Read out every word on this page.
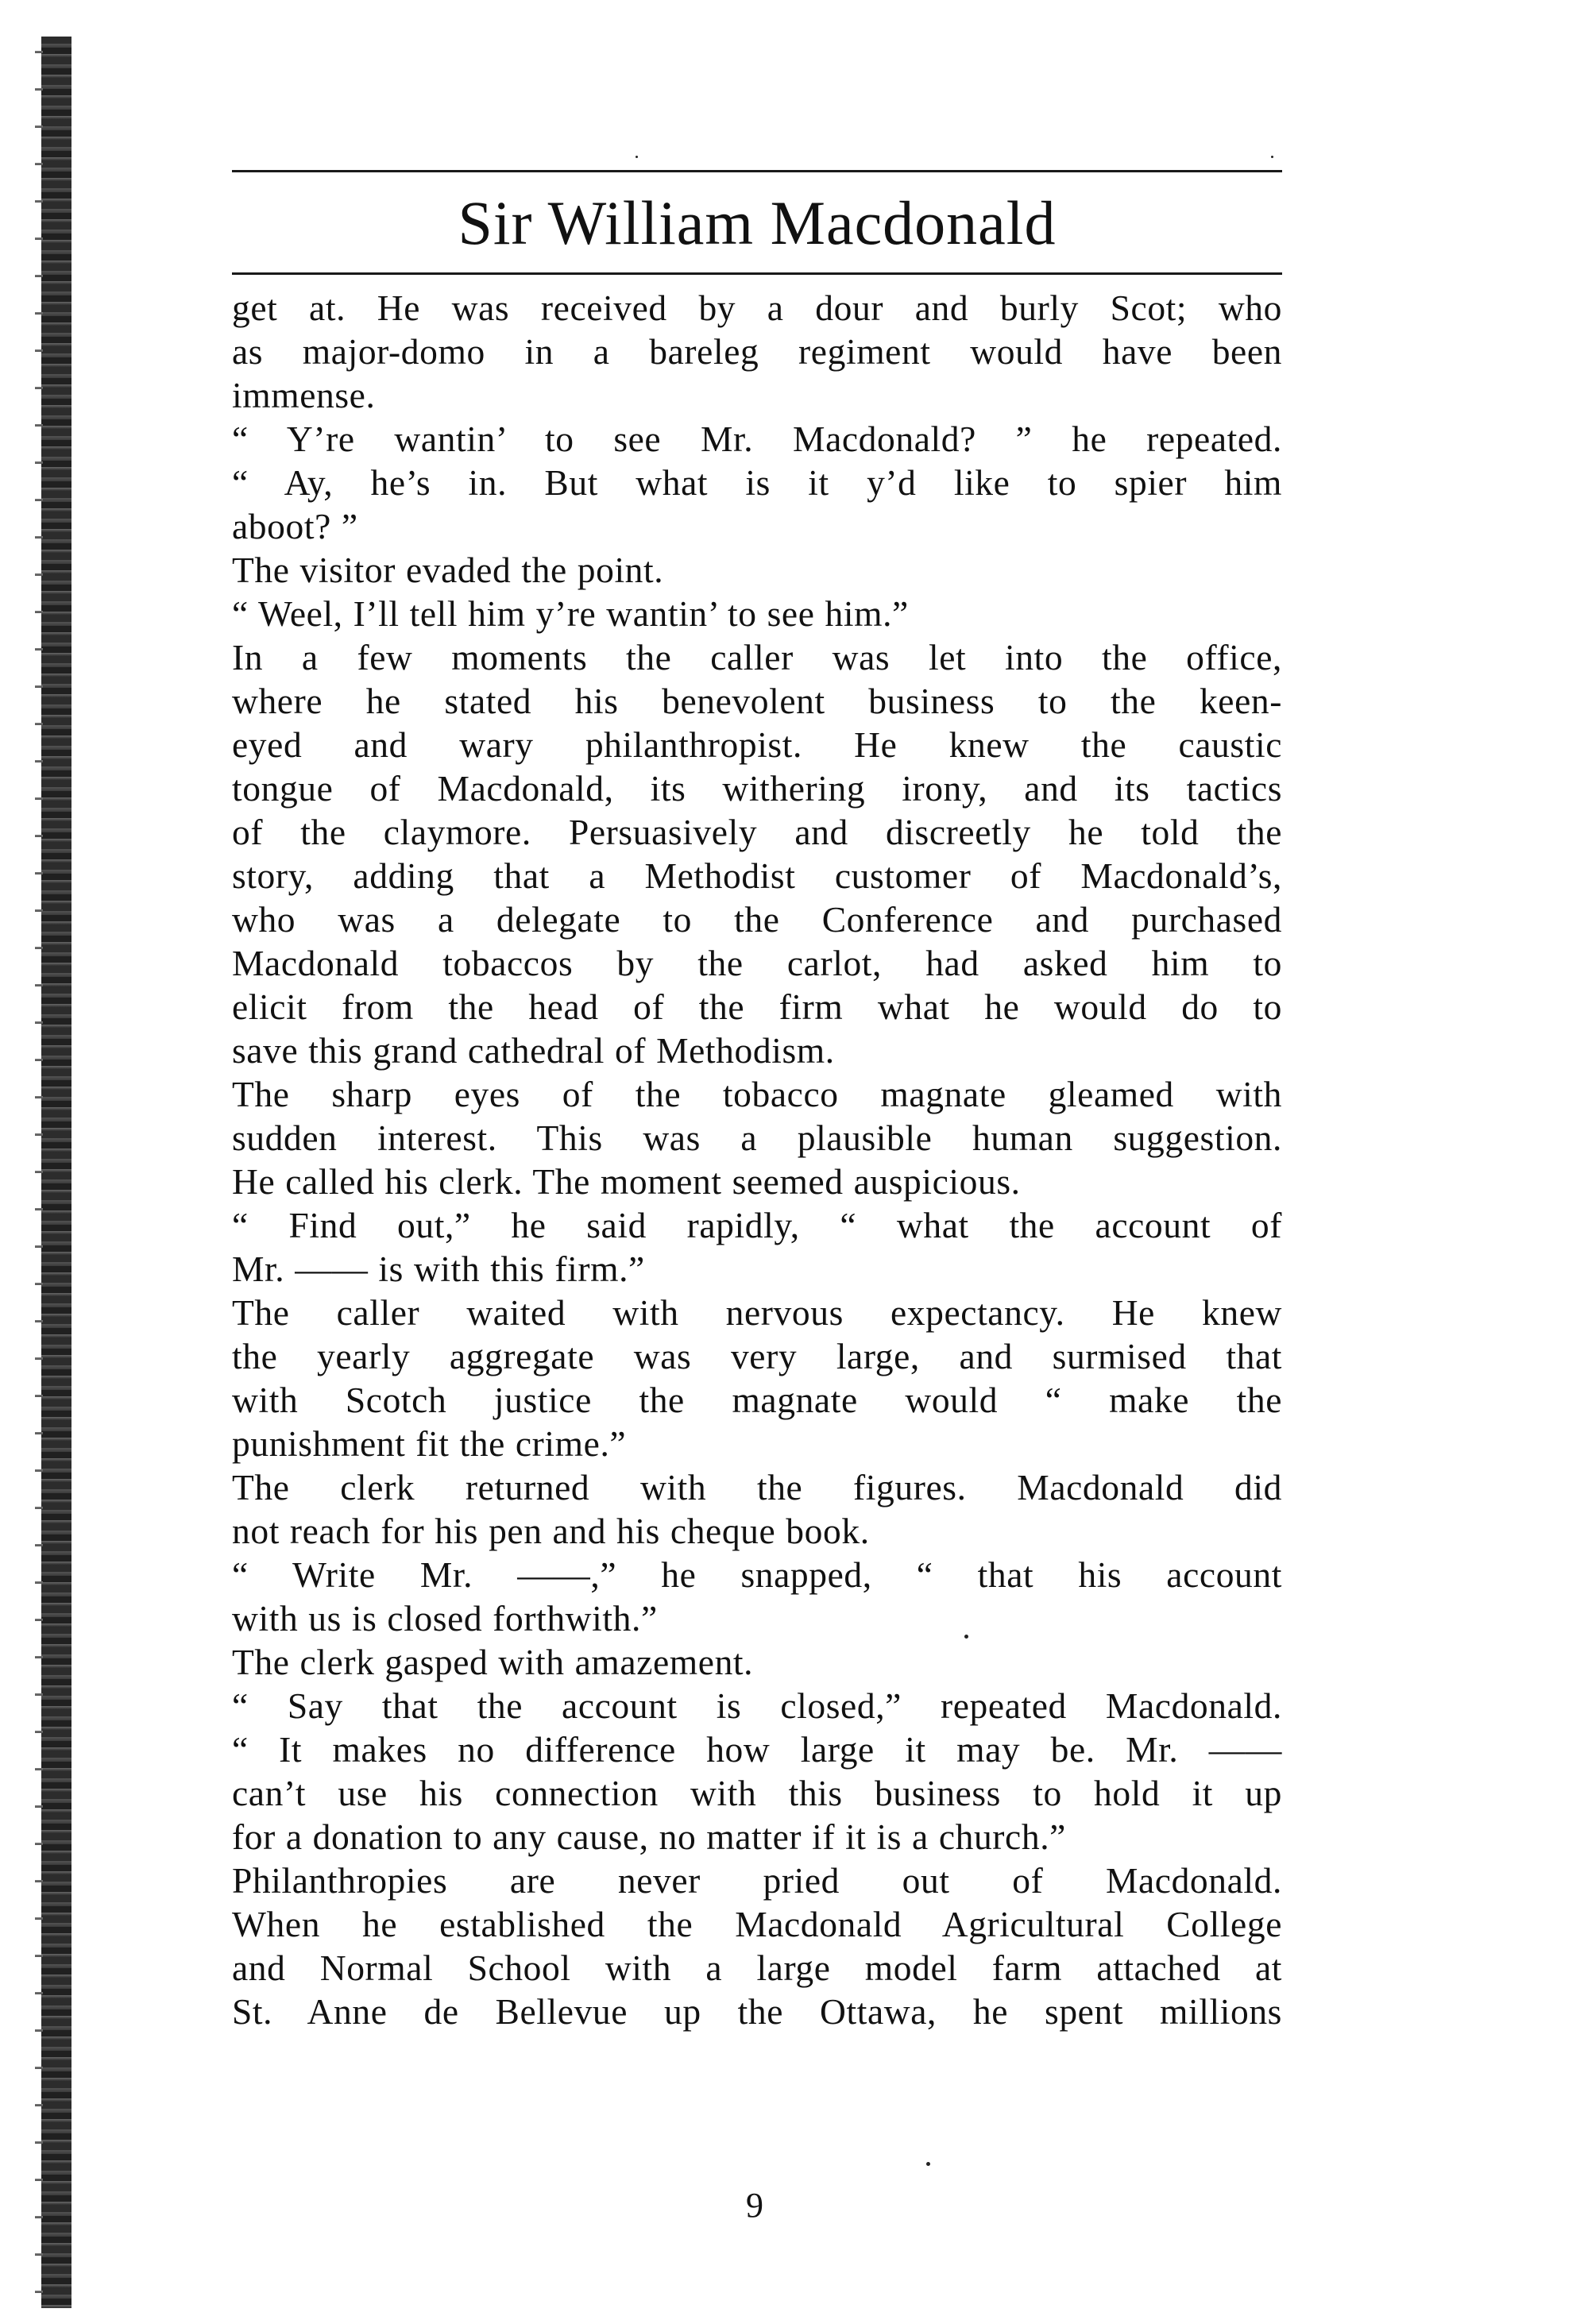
Sir William Macdonald
get at. He was received by a dour and burly Scot; who
as major-domo in a bareleg regiment would have been
immense.
“ Y’re wantin’ to see Mr. Macdonald? ” he repeated.
“ Ay, he’s in. But what is it y’d like to spier him
aboot? ”
The visitor evaded the point.
“ Weel, I’ll tell him y’re wantin’ to see him.”
In a few moments the caller was let into the office,
where he stated his benevolent business to the keen-
eyed and wary philanthropist. He knew the caustic
tongue of Macdonald, its withering irony, and its tactics
of the claymore. Persuasively and discreetly he told the
story, adding that a Methodist customer of Macdonald’s,
who was a delegate to the Conference and purchased
Macdonald tobaccos by the carlot, had asked him to
elicit from the head of the firm what he would do to
save this grand cathedral of Methodism.
The sharp eyes of the tobacco magnate gleamed with
sudden interest. This was a plausible human suggestion.
He called his clerk. The moment seemed auspicious.
“ Find out,” he said rapidly, “ what the account of
Mr. —— is with this firm.”
The caller waited with nervous expectancy. He knew
the yearly aggregate was very large, and surmised that
with Scotch justice the magnate would “ make the
punishment fit the crime.”
The clerk returned with the figures. Macdonald did
not reach for his pen and his cheque book.
“ Write Mr. ——,” he snapped, “ that his account
with us is closed forthwith.”
The clerk gasped with amazement.
“ Say that the account is closed,” repeated Macdonald.
“ It makes no difference how large it may be. Mr. ——
can’t use his connection with this business to hold it up
for a donation to any cause, no matter if it is a church.”
Philanthropies are never pried out of Macdonald.
When he established the Macdonald Agricultural College
and Normal School with a large model farm attached at
St. Anne de Bellevue up the Ottawa, he spent millions
9
